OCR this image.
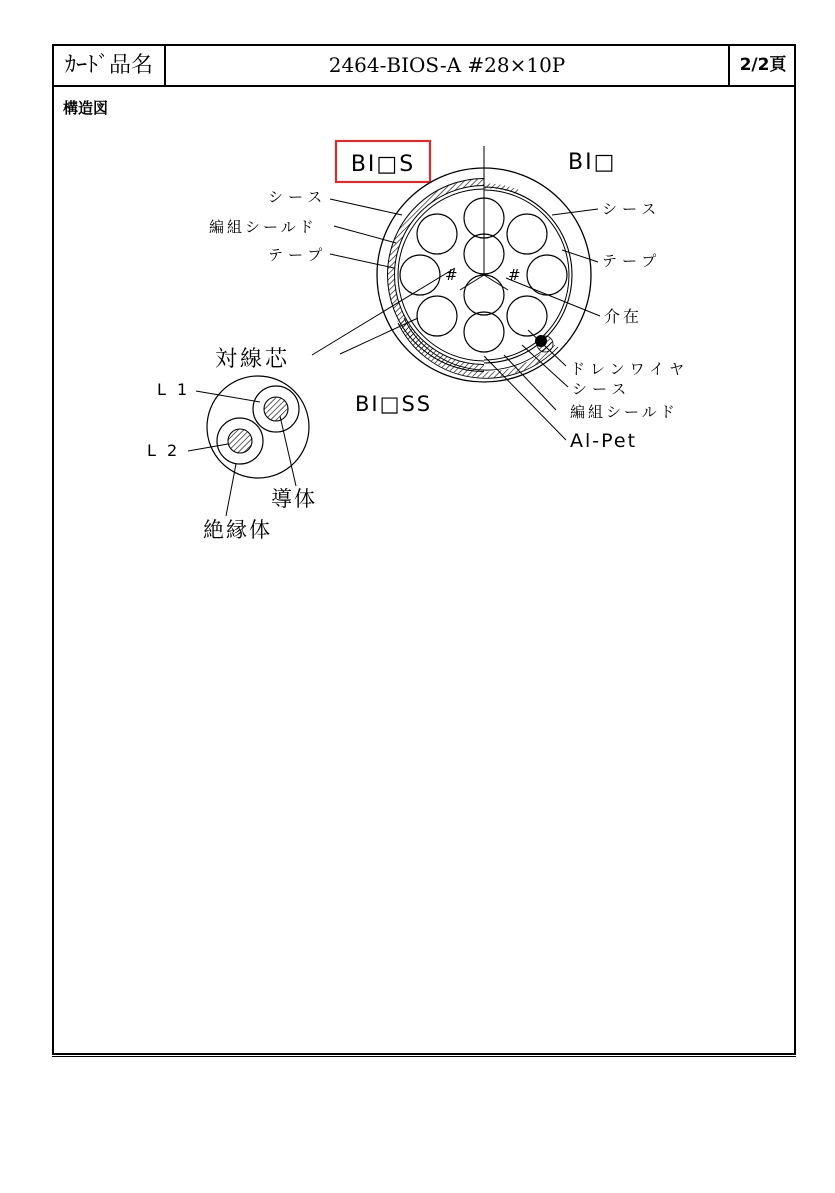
ｶｰﾄﾞ品名	2464-BIOS-A #28×10P	2/2頁
構造図
BI□S	BI□
BI□SS
#	#
シース
編組シールド
テープ
シース
テープ
介在
ドレンワイヤ
シース
編組シールド
Al-Pet
対線芯
L 1
L 2
導体
絶縁体
